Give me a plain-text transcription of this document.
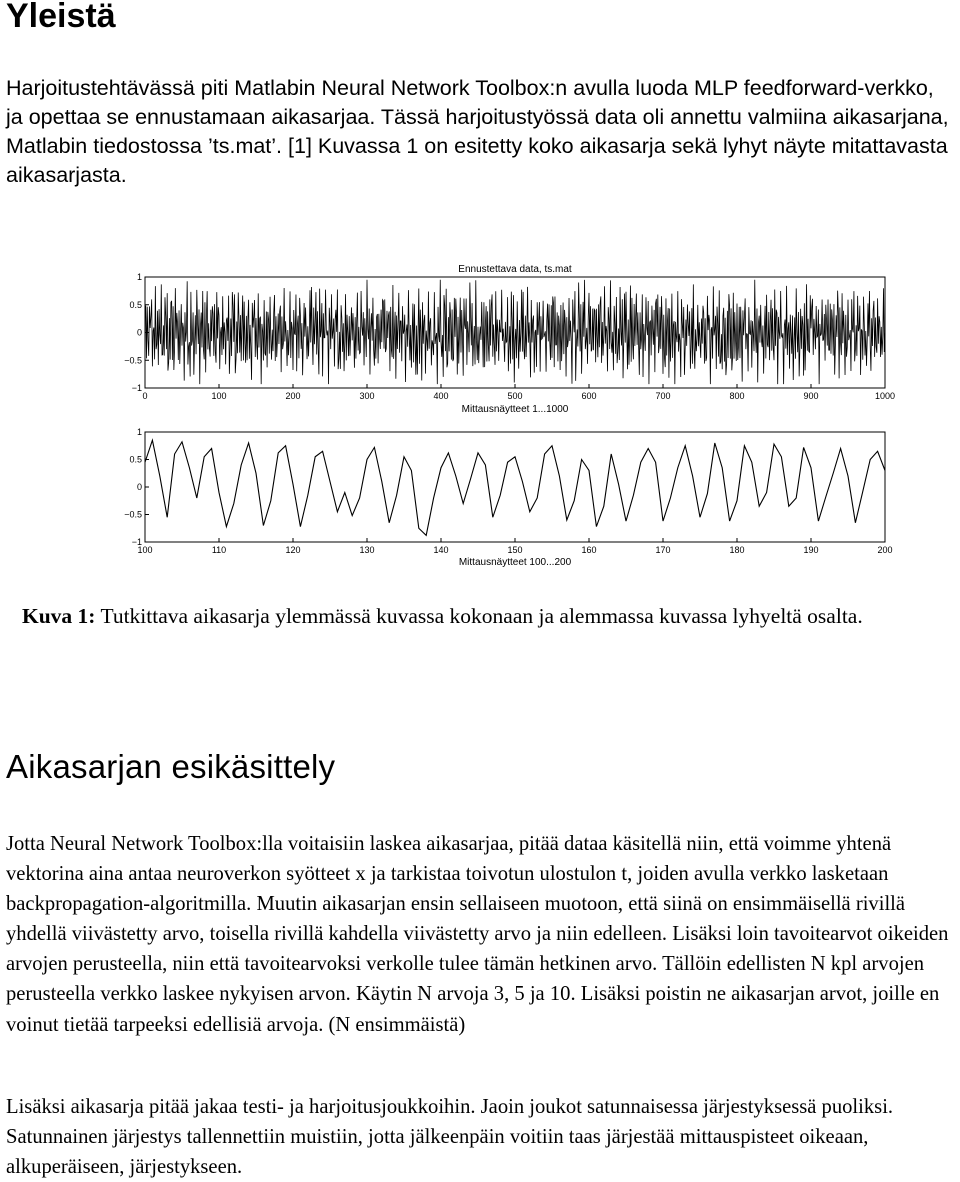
Yleistä

Harjoitustehtävässä piti Matlabin Neural Network Toolbox:n avulla luoda MLP feedforward-verkko, ja opettaa se ennustamaan aikasarjaa. Tässä harjoitustyössä data oli annettu valmiina aikasarjana, Matlabin tiedostossa ’ts.mat’. [1] Kuvassa 1 on esitetty koko aikasarja sekä lyhyt näyte mitattavasta aikasarjasta.

Ennustettava data, ts.mat
0	100	200	300	400	500	600	700	800	900	1000
1
0.5
0
−0.5
−1
Mittausnäytteet 1...1000
100	110	120	130	140	150	160	170	180	190	200
1
0.5
0
−0.5
−1
Mittausnäytteet 100...200

Kuva 1: Tutkittava aikasarja ylemmässä kuvassa kokonaan ja alemmassa kuvassa lyhyeltä osalta.

Aikasarjan esikäsittely

Jotta Neural Network Toolbox:lla voitaisiin laskea aikasarjaa, pitää dataa käsitellä niin, että voimme yhtenä vektorina aina antaa neuroverkon syötteet x ja tarkistaa toivotun ulostulon t, joiden avulla verkko lasketaan backpropagation-algoritmilla. Muutin aikasarjan ensin sellaiseen muotoon, että siinä on ensimmäisellä rivillä yhdellä viivästetty arvo, toisella rivillä kahdella viivästetty arvo ja niin edelleen. Lisäksi loin tavoitearvot oikeiden arvojen perusteella, niin että tavoitearvoksi verkolle tulee tämän hetkinen arvo. Tällöin edellisten N kpl arvojen perusteella verkko laskee nykyisen arvon. Käytin N arvoja 3, 5 ja 10. Lisäksi poistin ne aikasarjan arvot, joille en voinut tietää tarpeeksi edellisiä arvoja. (N ensimmäistä)

Lisäksi aikasarja pitää jakaa testi- ja harjoitusjoukkoihin. Jaoin joukot satunnaisessa järjestyksessä puoliksi. Satunnainen järjestys tallennettiin muistiin, jotta jälkeenpäin voitiin taas järjestää mittauspisteet oikeaan, alkuperäiseen, järjestykseen.
